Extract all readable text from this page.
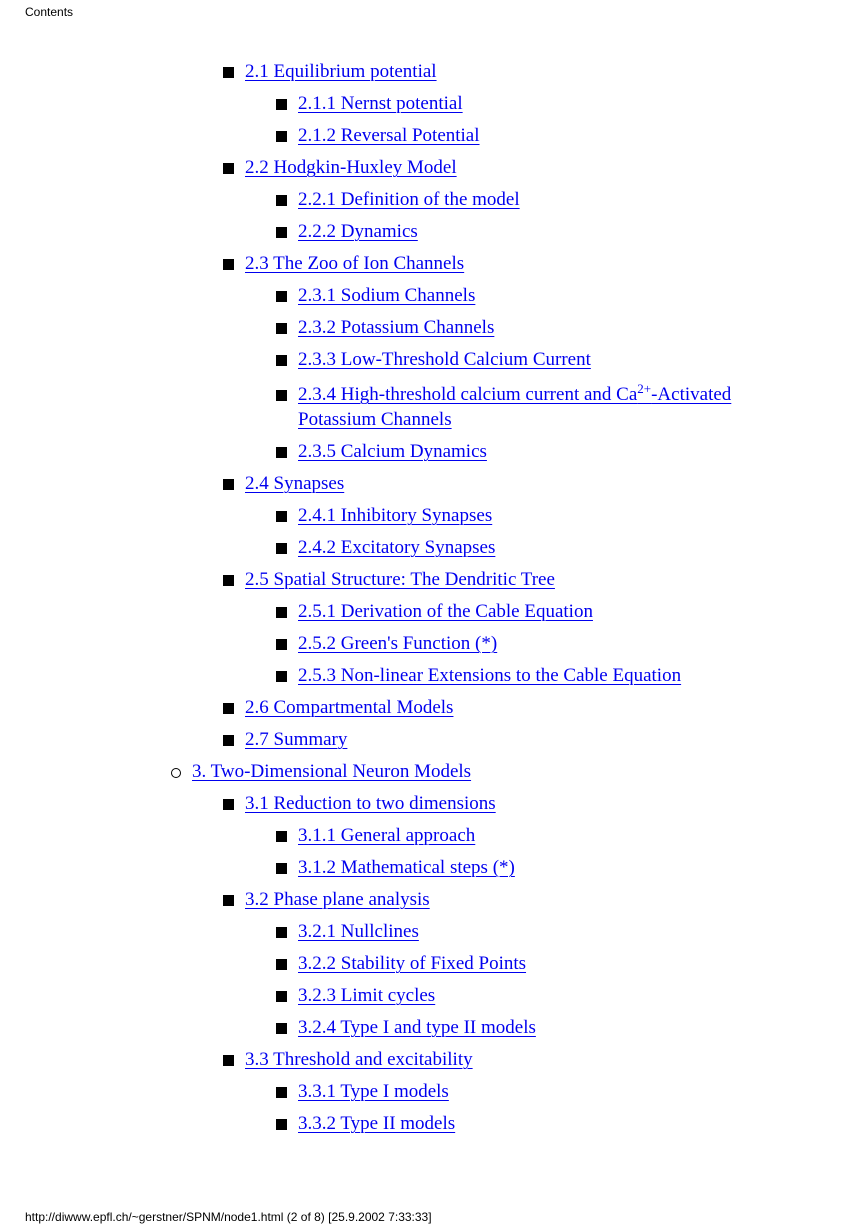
Contents
2.1 Equilibrium potential
2.1.1 Nernst potential
2.1.2 Reversal Potential
2.2 Hodgkin-Huxley Model
2.2.1 Definition of the model
2.2.2 Dynamics
2.3 The Zoo of Ion Channels
2.3.1 Sodium Channels
2.3.2 Potassium Channels
2.3.3 Low-Threshold Calcium Current
2.3.4 High-threshold calcium current and Ca$^{2+}$-Activated Potassium Channels
2.3.5 Calcium Dynamics
2.4 Synapses
2.4.1 Inhibitory Synapses
2.4.2 Excitatory Synapses
2.5 Spatial Structure: The Dendritic Tree
2.5.1 Derivation of the Cable Equation
2.5.2 Green's Function (*)
2.5.3 Non-linear Extensions to the Cable Equation
2.6 Compartmental Models
2.7 Summary
3. Two-Dimensional Neuron Models
3.1 Reduction to two dimensions
3.1.1 General approach
3.1.2 Mathematical steps (*)
3.2 Phase plane analysis
3.2.1 Nullclines
3.2.2 Stability of Fixed Points
3.2.3 Limit cycles
3.2.4 Type I and type II models
3.3 Threshold and excitability
3.3.1 Type I models
3.3.2 Type II models
http://diwww.epfl.ch/~gerstner/SPNM/node1.html (2 of 8) [25.9.2002 7:33:33]
